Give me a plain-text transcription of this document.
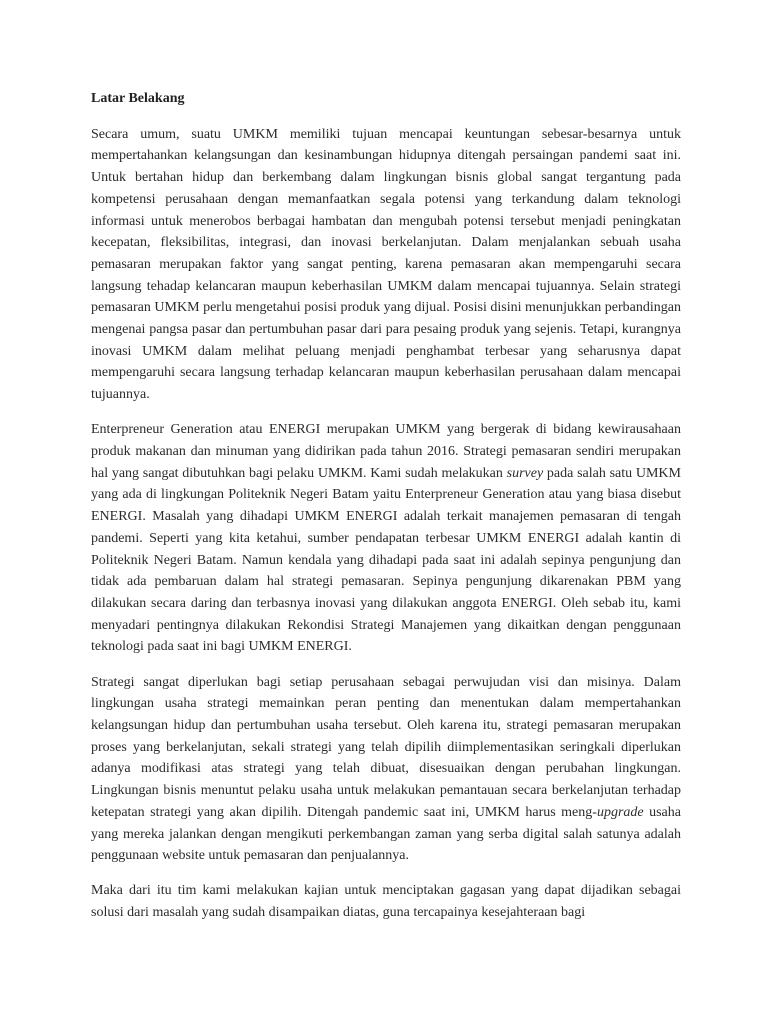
Latar Belakang

Secara umum, suatu UMKM memiliki tujuan mencapai keuntungan sebesar-besarnya untuk mempertahankan kelangsungan dan kesinambungan hidupnya ditengah persaingan pandemi saat ini. Untuk bertahan hidup dan berkembang dalam lingkungan bisnis global sangat tergantung pada kompetensi perusahaan dengan memanfaatkan segala potensi yang terkandung dalam teknologi informasi untuk menerobos berbagai hambatan dan mengubah potensi tersebut menjadi peningkatan kecepatan, fleksibilitas, integrasi, dan inovasi berkelanjutan. Dalam menjalankan sebuah usaha pemasaran merupakan faktor yang sangat penting, karena pemasaran akan mempengaruhi secara langsung tehadap kelancaran maupun keberhasilan UMKM dalam mencapai tujuannya. Selain strategi pemasaran UMKM perlu mengetahui posisi produk yang dijual. Posisi disini menunjukkan perbandingan mengenai pangsa pasar dan pertumbuhan pasar dari para pesaing produk yang sejenis. Tetapi, kurangnya inovasi UMKM dalam melihat peluang menjadi penghambat terbesar yang seharusnya dapat mempengaruhi secara langsung terhadap kelancaran maupun keberhasilan perusahaan dalam mencapai tujuannya.

Enterpreneur Generation atau ENERGI merupakan UMKM yang bergerak di bidang kewirausahaan produk makanan dan minuman yang didirikan pada tahun 2016. Strategi pemasaran sendiri merupakan hal yang sangat dibutuhkan bagi pelaku UMKM. Kami sudah melakukan survey pada salah satu UMKM yang ada di lingkungan Politeknik Negeri Batam yaitu Enterpreneur Generation atau yang biasa disebut ENERGI. Masalah yang dihadapi UMKM ENERGI adalah terkait manajemen pemasaran di tengah pandemi. Seperti yang kita ketahui, sumber pendapatan terbesar UMKM ENERGI adalah kantin di Politeknik Negeri Batam. Namun kendala yang dihadapi pada saat ini adalah sepinya pengunjung dan tidak ada pembaruan dalam hal strategi pemasaran. Sepinya pengunjung dikarenakan PBM yang dilakukan secara daring dan terbasnya inovasi yang dilakukan anggota ENERGI. Oleh sebab itu, kami menyadari pentingnya dilakukan Rekondisi Strategi Manajemen yang dikaitkan dengan penggunaan teknologi pada saat ini bagi UMKM ENERGI.

Strategi sangat diperlukan bagi setiap perusahaan sebagai perwujudan visi dan misinya. Dalam lingkungan usaha strategi memainkan peran penting dan menentukan dalam mempertahankan kelangsungan hidup dan pertumbuhan usaha tersebut. Oleh karena itu, strategi pemasaran merupakan proses yang berkelanjutan, sekali strategi yang telah dipilih diimplementasikan seringkali diperlukan adanya modifikasi atas strategi yang telah dibuat, disesuaikan dengan perubahan lingkungan. Lingkungan bisnis menuntut pelaku usaha untuk melakukan pemantauan secara berkelanjutan terhadap ketepatan strategi yang akan dipilih. Ditengah pandemic saat ini, UMKM harus meng-upgrade usaha yang mereka jalankan dengan mengikuti perkembangan zaman yang serba digital salah satunya adalah penggunaan website untuk pemasaran dan penjualannya.

Maka dari itu tim kami melakukan kajian untuk menciptakan gagasan yang dapat dijadikan sebagai solusi dari masalah yang sudah disampaikan diatas, guna tercapainya kesejahteraan bagi
